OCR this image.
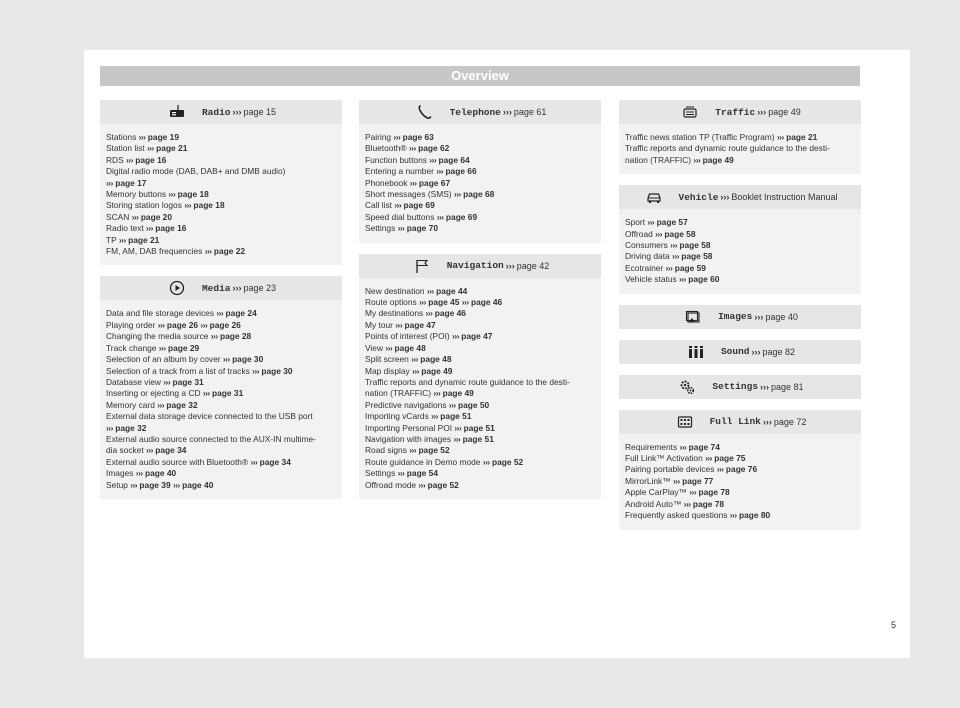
Overview
Radio ››› page 15
Stations ››› page 19
Station list ››› page 21
RDS ››› page 16
Digital radio mode (DAB, DAB+ and DMB audio)
››› page 17
Memory buttons ››› page 18
Storing station logos ››› page 18
SCAN ››› page 20
Radio text ››› page 16
TP ››› page 21
FM, AM, DAB frequencies ››› page 22
Media ››› page 23
Data and file storage devices ››› page 24
Playing order ››› page 26 ››› page 26
Changing the media source ››› page 28
Track change ››› page 29
Selection of an album by cover ››› page 30
Selection of a track from a list of tracks ››› page 30
Database view ››› page 31
Inserting or ejecting a CD ››› page 31
Memory card ››› page 32
External data storage device connected to the USB port
››› page 32
External audio source connected to the AUX-IN multime-
dia socket ››› page 34
External audio source with Bluetooth® ››› page 34
Images ››› page 40
Setup ››› page 39 ››› page 40
Telephone ››› page 61
Pairing ››› page 63
Bluetooth® ››› page 62
Function buttons ››› page 64
Entering a number ››› page 66
Phonebook ››› page 67
Short messages (SMS) ››› page 68
Call list ››› page 69
Speed dial buttons ››› page 69
Settings ››› page 70
Navigation ››› page 42
New destination ››› page 44
Route options ››› page 45 ››› page 46
My destinations ››› page 46
My tour ››› page 47
Points of interest (POI) ››› page 47
View ››› page 48
Split screen ››› page 48
Map display ››› page 49
Traffic reports and dynamic route guidance to the desti-
nation (TRAFFIC) ››› page 49
Predictive navigations ››› page 50
Importing vCards ››› page 51
Importing Personal POI ››› page 51
Navigation with images ››› page 51
Road signs ››› page 52
Route guidance in Demo mode ››› page 52
Settings ››› page 54
Offroad mode ››› page 52
Traffic ››› page 49
Traffic news station TP (Traffic Program) ››› page 21
Traffic reports and dynamic route guidance to the desti-
nation (TRAFFIC) ››› page 49
Vehicle ››› Booklet Instruction Manual
Sport ››› page 57
Offroad ››› page 58
Consumers ››› page 58
Driving data ››› page 58
Ecotrainer ››› page 59
Vehicle status ››› page 60
Images ››› page 40
Sound ››› page 82
Settings ››› page 81
Full Link ››› page 72
Requirements ››› page 74
Full Link™ Activation ››› page 75
Pairing portable devices ››› page 76
MirrorLink™ ››› page 77
Apple CarPlay™ ››› page 78
Android Auto™ ››› page 78
Frequently asked questions ››› page 80
5
